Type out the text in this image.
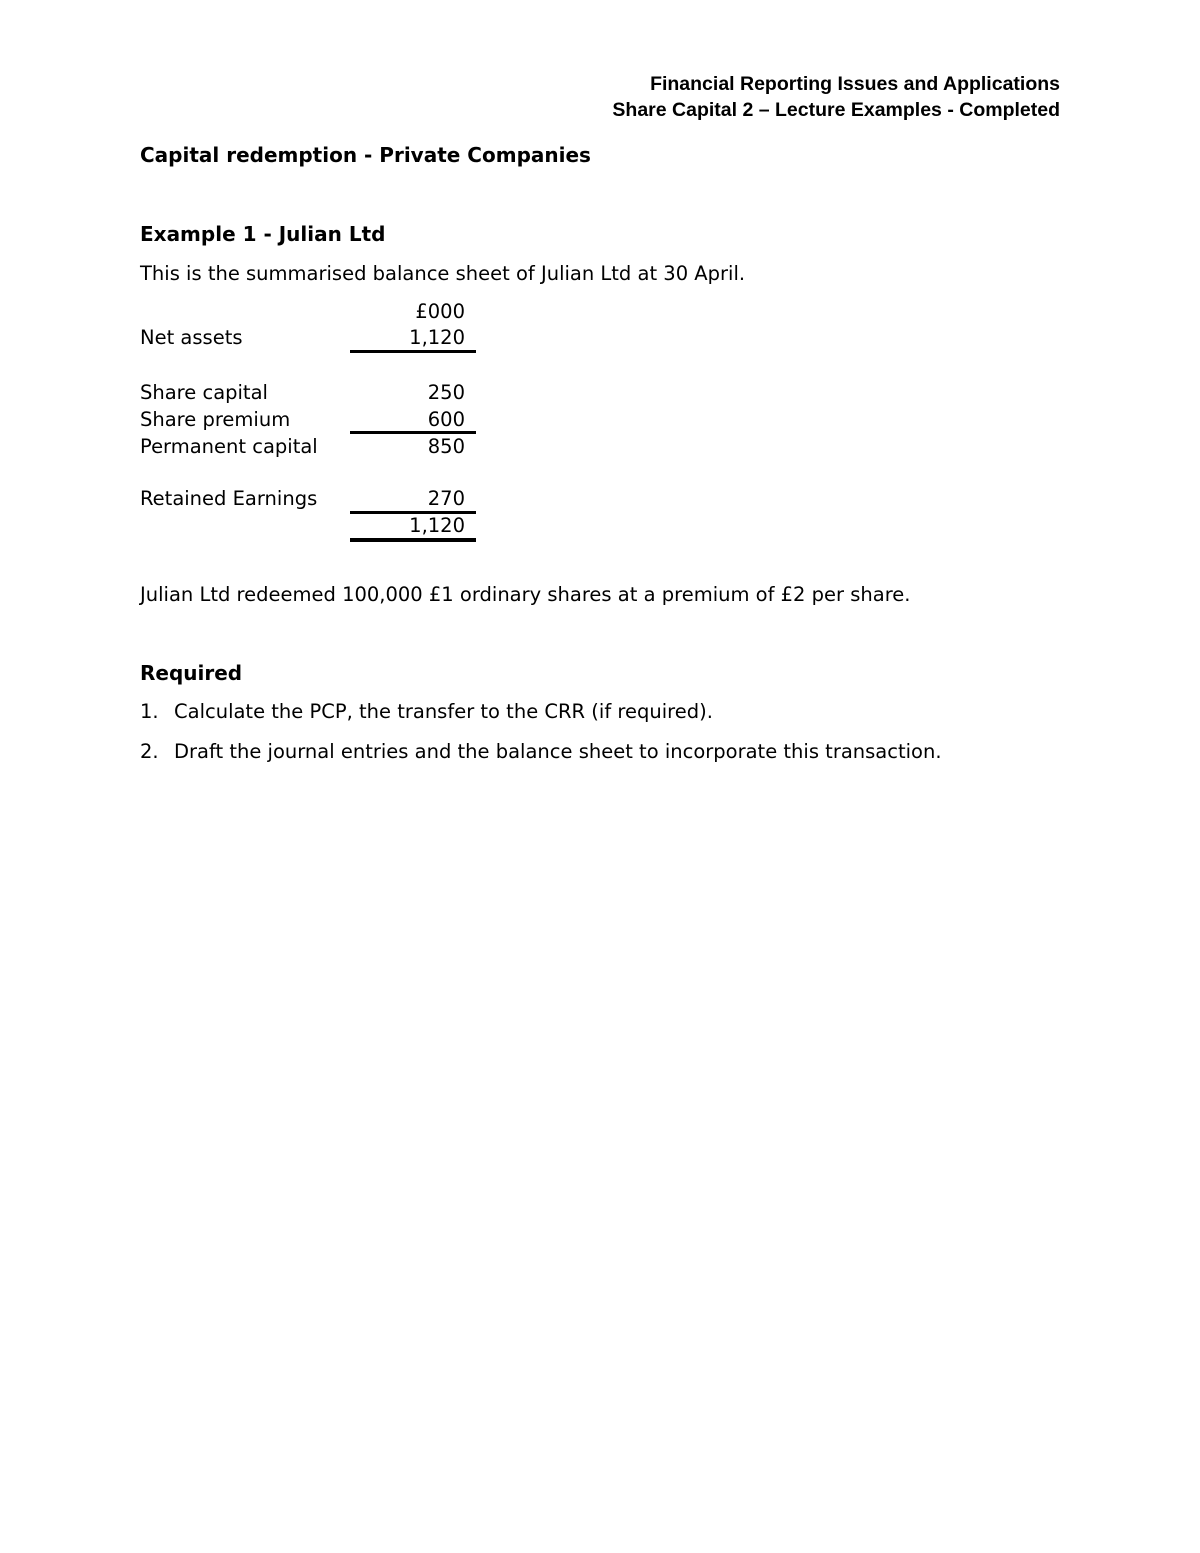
Financial Reporting Issues and Applications
Share Capital 2 – Lecture Examples - Completed
Capital redemption - Private Companies
Example 1 - Julian Ltd
This is the summarised balance sheet of Julian Ltd at 30 April.
£000
Net assets	1,120
Share capital	250
Share premium	600
Permanent capital	850
Retained Earnings	270
1,120
Julian Ltd redeemed 100,000 £1 ordinary shares at a premium of £2 per share.
Required
1. Calculate the PCP, the transfer to the CRR (if required).
2. Draft the journal entries and the balance sheet to incorporate this transaction.
